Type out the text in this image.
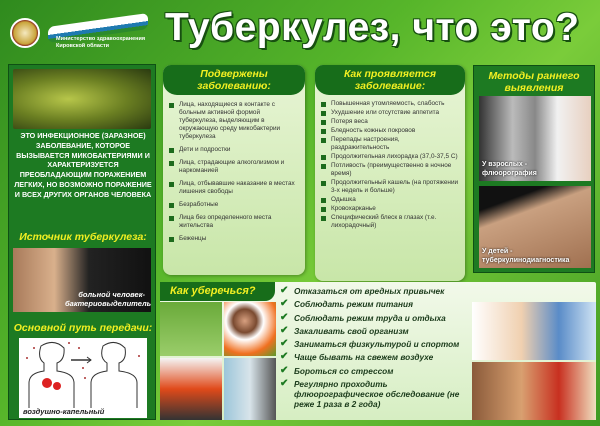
Министерство здравоохранения Кировской области	Туберкулез, что это?
ЭТО ИНФЕКЦИОННОЕ (ЗАРАЗНОЕ) ЗАБОЛЕВАНИЕ, КОТОРОЕ ВЫЗЫВАЕТСЯ МИКОБАКТЕРИЯМИ И ХАРАКТЕРИЗУЕТСЯ ПРЕОБЛАДАЮЩИМ ПОРАЖЕНИЕМ ЛЕГКИХ, НО ВОЗМОЖНО ПОРАЖЕНИЕ И ВСЕХ ДРУГИХ ОРГАНОВ ЧЕЛОВЕКА
Источник туберкулеза:
больной человек-бактериовыделитель
Основной путь передачи:
воздушно-капельный
Подвержены заболеванию:
Лица, находящиеся в контакте с больным активной формой туберкулеза, выделяющим в окружающую среду микобактерии туберкулеза
Дети и подростки
Лица, страдающие алкоголизмом и наркоманией
Лица, отбывавшие наказание в местах лишения свободы
Безработные
Лица без определенного места жительства
Беженцы
Как проявляется заболевание:
Повышенная утомляемость, слабость
Ухудшение или отсутствие аппетита
Потеря веса
Бледность кожных покровов
Перепады настроения, раздражительность
Продолжительная лихорадка (37,0-37,5 С)
Потливость (преимущественно в ночное время)
Продолжительный кашель (на протяжении 3-х недель и больше)
Одышка
Кровохарканье
Специфический блеск в глазах (т.е. лихорадочный)
Методы раннего выявления
У взрослых - флюорография
У детей - туберкулинодиагностика
Как уберечься?	✔ Отказаться от вредных привычек
✔ Соблюдать режим питания
✔ Соблюдать режим труда и отдыха
✔ Закаливать свой организм
✔ Заниматься физкультурой и спортом
✔ Чаще бывать на свежем воздухе
✔ Бороться со стрессом
✔ Регулярно проходить флюорографическое обследование (не реже 1 раза в 2 года)
